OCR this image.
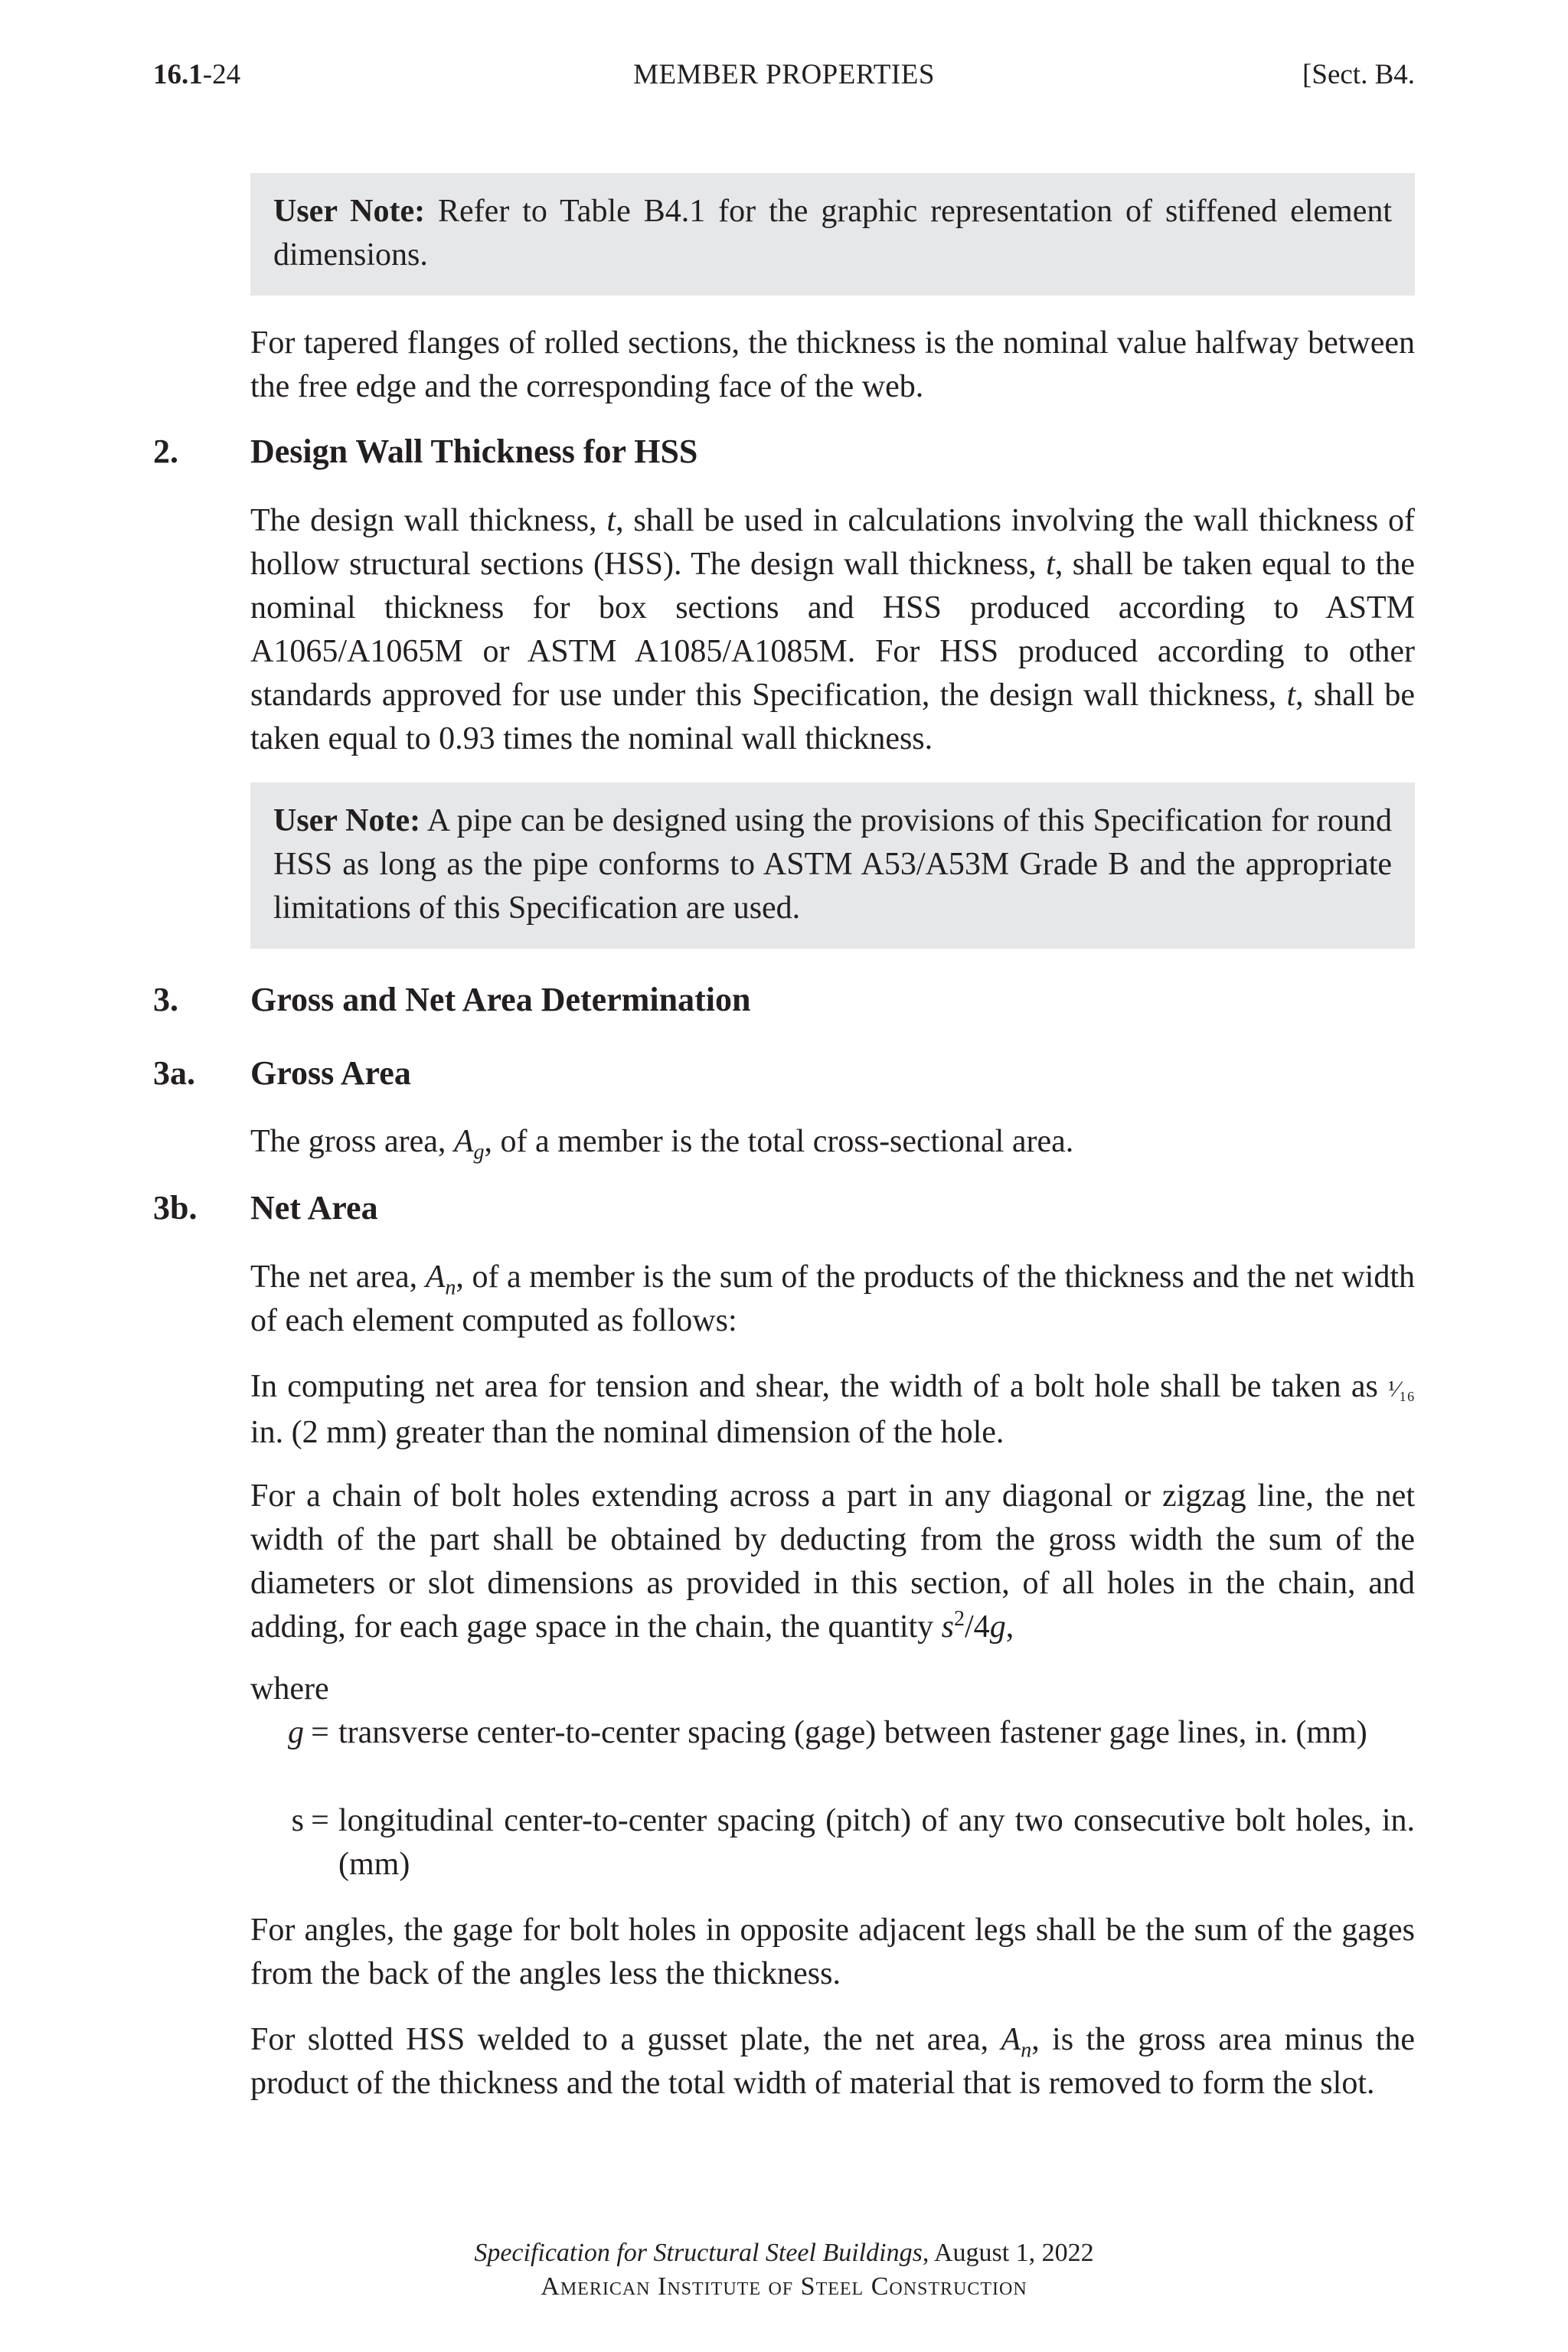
16.1-24	MEMBER PROPERTIES	[Sect. B4.
User Note: Refer to Table B4.1 for the graphic representation of stiffened element dimensions.

For tapered flanges of rolled sections, the thickness is the nominal value halfway between the free edge and the corresponding face of the web.

2. Design Wall Thickness for HSS

The design wall thickness, t, shall be used in calculations involving the wall thickness of hollow structural sections (HSS). The design wall thickness, t, shall be taken equal to the nominal thickness for box sections and HSS produced according to ASTM A1065/A1065M or ASTM A1085/A1085M. For HSS produced according to other standards approved for use under this Specification, the design wall thickness, t, shall be taken equal to 0.93 times the nominal wall thickness.

User Note: A pipe can be designed using the provisions of this Specification for round HSS as long as the pipe conforms to ASTM A53/A53M Grade B and the appropriate limitations of this Specification are used.
3. Gross and Net Area Determination
3a. Gross Area

The gross area, $A_g$, of a member is the total cross-sectional area.

3b. Net Area

The net area, $A_n$, of a member is the sum of the products of the thickness and the net width of each element computed as follows:

In computing net area for tension and shear, the width of a bolt hole shall be taken as ¹⁄₁₆ in. (2 mm) greater than the nominal dimension of the hole.

For a chain of bolt holes extending across a part in any diagonal or zigzag line, the net width of the part shall be obtained by deducting from the gross width the sum of the diameters or slot dimensions as provided in this section, of all holes in the chain, and adding, for each gage space in the chain, the quantity $s^2/4g$,

where
g = transverse center-to-center spacing (gage) between fastener gage lines, in. (mm)
s = longitudinal center-to-center spacing (pitch) of any two consecutive bolt holes, in. (mm)

For angles, the gage for bolt holes in opposite adjacent legs shall be the sum of the gages from the back of the angles less the thickness.

For slotted HSS welded to a gusset plate, the net area, $A_n$, is the gross area minus the product of the thickness and the total width of material that is removed to form the slot.

Specification for Structural Steel Buildings, August 1, 2022
American Institute of Steel Construction
